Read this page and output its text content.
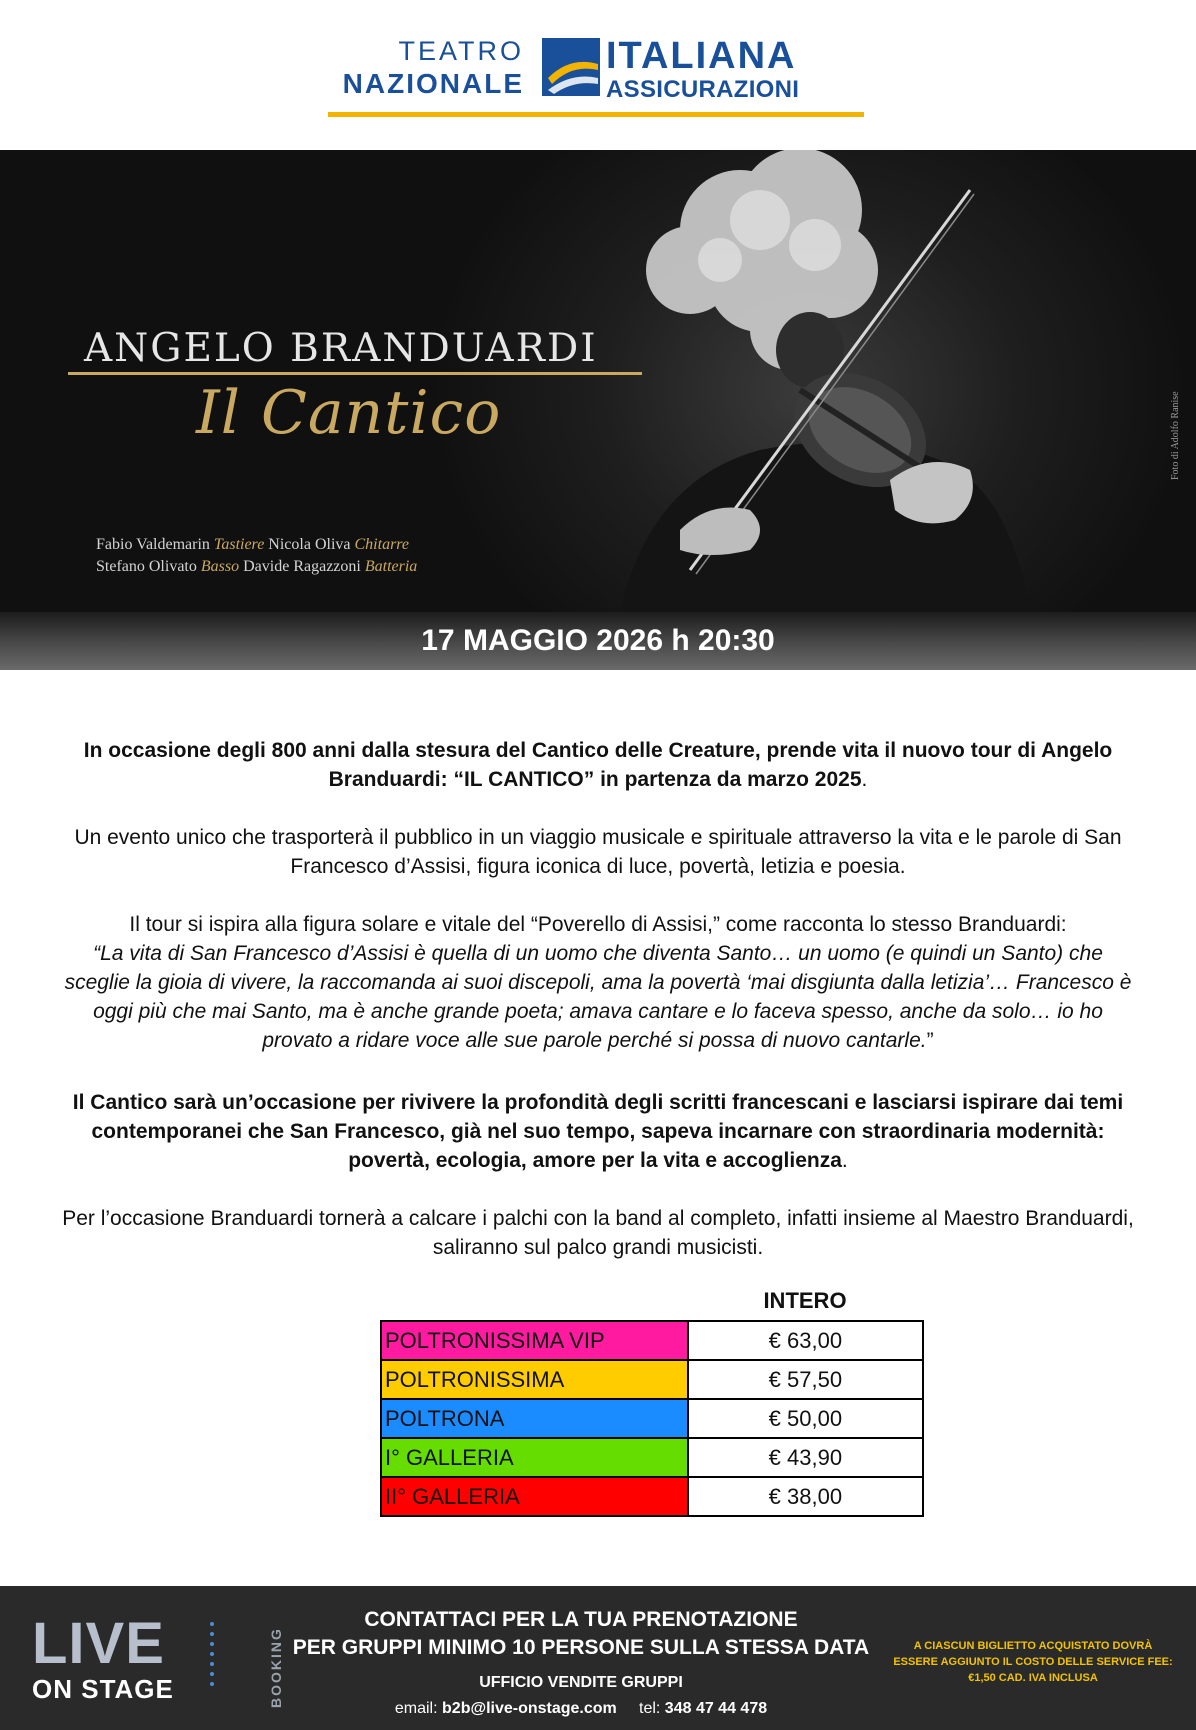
TEATRO
NAZIONALE
ITALIANA
ASSICURAZIONI
ANGELO BRANDUARDI
Il Cantico
Fabio Valdemarin Tastiere Nicola Oliva Chitarre
Stefano Olivato Basso Davide Ragazzoni Batteria
Foto di Adolfo Ranise
17 MAGGIO 2026 h 20:30
In occasione degli 800 anni dalla stesura del Cantico delle Creature, prende vita il nuovo tour di Angelo Branduardi: “IL CANTICO” in partenza da marzo 2025.
Un evento unico che trasporterà il pubblico in un viaggio musicale e spirituale attraverso la vita e le parole di San Francesco d’Assisi, figura iconica di luce, povertà, letizia e poesia.
Il tour si ispira alla figura solare e vitale del “Poverello di Assisi,” come racconta lo stesso Branduardi:
“La vita di San Francesco d’Assisi è quella di un uomo che diventa Santo… un uomo (e quindi un Santo) che sceglie la gioia di vivere, la raccomanda ai suoi discepoli, ama la povertà ‘mai disgiunta dalla letizia’… Francesco è oggi più che mai Santo, ma è anche grande poeta; amava cantare e lo faceva spesso, anche da solo… io ho provato a ridare voce alle sue parole perché si possa di nuovo cantarle.”
Il Cantico sarà un’occasione per rivivere la profondità degli scritti francescani e lasciarsi ispirare dai temi contemporanei che San Francesco, già nel suo tempo, sapeva incarnare con straordinaria modernità: povertà, ecologia, amore per la vita e accoglienza.
Per l’occasione Branduardi tornerà a calcare i palchi con la band al completo, infatti insieme al Maestro Branduardi, saliranno sul palco grandi musicisti.
INTERO
POLTRONISSIMA VIP	€ 63,00
POLTRONISSIMA	€ 57,50
POLTRONA	€ 50,00
I° GALLERIA	€ 43,90
II° GALLERIA	€ 38,00
LIVE
ON STAGE	BOOKING
CONTATTACI PER LA TUA PRENOTAZIONE
PER GRUPPI MINIMO 10 PERSONE SULLA STESSA DATA
UFFICIO VENDITE GRUPPI
email: b2b@live-onstage.com tel: 348 47 44 478
A CIASCUN BIGLIETTO ACQUISTATO DOVRÀ ESSERE AGGIUNTO IL COSTO DELLE SERVICE FEE: €1,50 CAD. IVA INCLUSA
